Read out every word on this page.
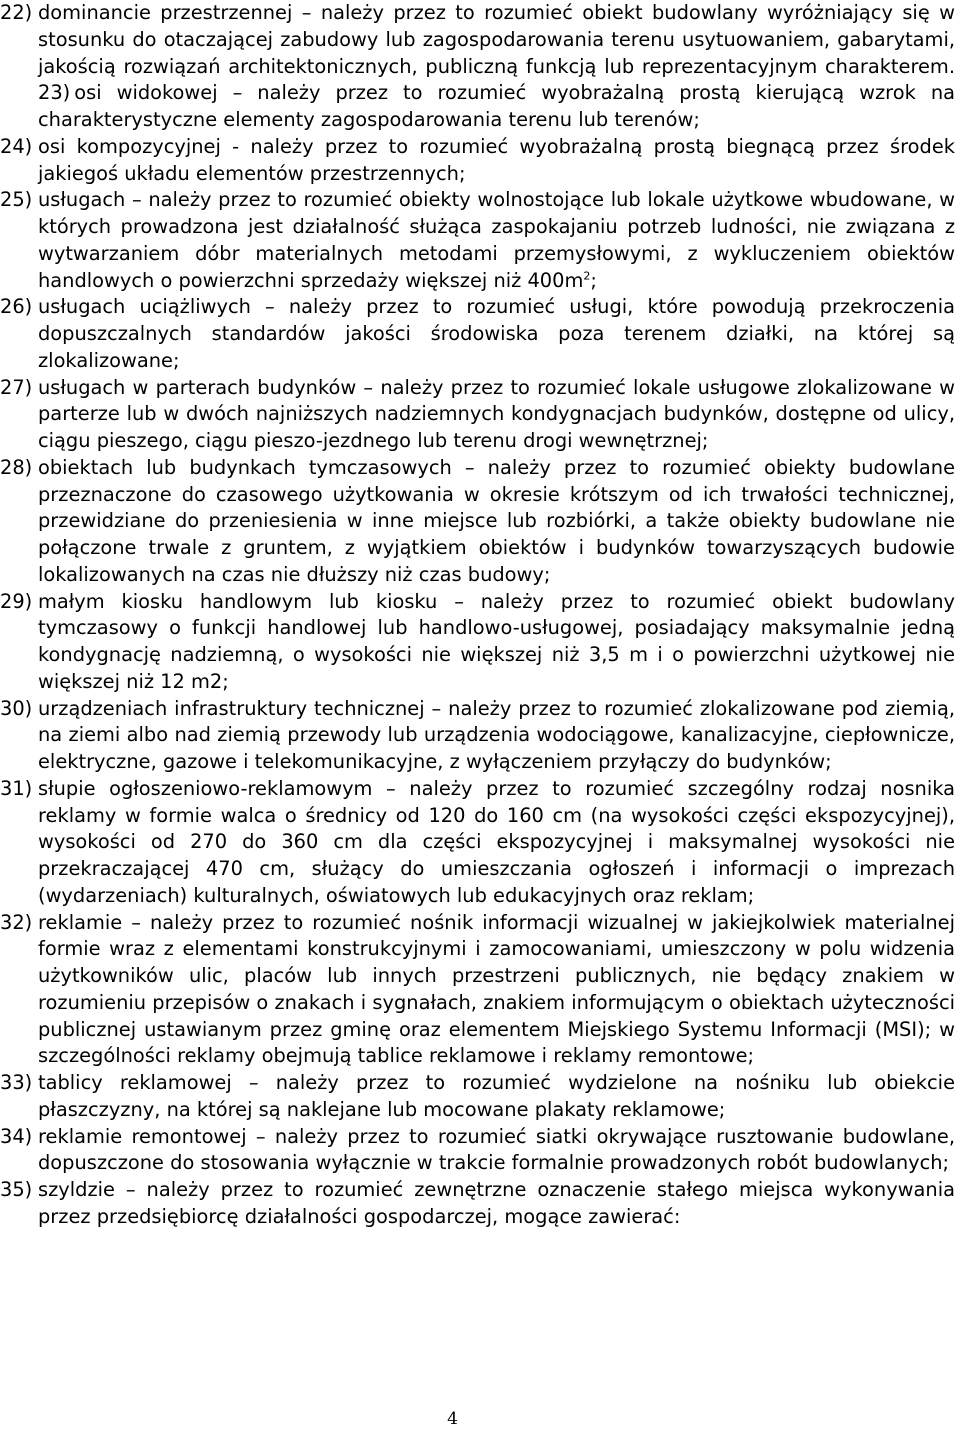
22) dominancie przestrzennej – należy przez to rozumieć obiekt budowlany wyróżniający się w stosunku do otaczającej zabudowy lub zagospodarowania terenu usytuowaniem, gabarytami, jakością rozwiązań architektonicznych, publiczną funkcją lub reprezentacyjnym charakterem. 23) osi widokowej – należy przez to rozumieć wyobrażalną prostą kierującą wzrok na charakterystyczne elementy zagospodarowania terenu lub terenów;
24) osi kompozycyjnej - należy przez to rozumieć wyobrażalną prostą biegnącą przez środek jakiegoś układu elementów przestrzennych;
25) usługach – należy przez to rozumieć obiekty wolnostojące lub lokale użytkowe wbudowane, w których prowadzona jest działalność służąca zaspokajaniu potrzeb ludności, nie związana z wytwarzaniem dóbr materialnych metodami przemysłowymi, z wykluczeniem obiektów handlowych o powierzchni sprzedaży większej niż $400m^2$;
26) usługach uciążliwych – należy przez to rozumieć usługi, które powodują przekroczenia dopuszczalnych standardów jakości środowiska poza terenem działki, na której są zlokalizowane;
27) usługach w parterach budynków – należy przez to rozumieć lokale usługowe zlokalizowane w parterze lub w dwóch najniższych nadziemnych kondygnacjach budynków, dostępne od ulicy, ciągu pieszego, ciągu pieszo-jezdnego lub terenu drogi wewnętrznej;
28) obiektach lub budynkach tymczasowych – należy przez to rozumieć obiekty budowlane przeznaczone do czasowego użytkowania w okresie krótszym od ich trwałości technicznej, przewidziane do przeniesienia w inne miejsce lub rozbiórki, a także obiekty budowlane nie połączone trwale z gruntem, z wyjątkiem obiektów i budynków towarzyszących budowie lokalizowanych na czas nie dłuższy niż czas budowy;
29) małym kiosku handlowym lub kiosku – należy przez to rozumieć obiekt budowlany tymczasowy o funkcji handlowej lub handlowo-usługowej, posiadający maksymalnie jedną kondygnację nadziemną, o wysokości nie większej niż 3,5 m i o powierzchni użytkowej nie większej niż 12 m2;
30) urządzeniach infrastruktury technicznej – należy przez to rozumieć zlokalizowane pod ziemią, na ziemi albo nad ziemią przewody lub urządzenia wodociągowe, kanalizacyjne, ciepłownicze, elektryczne, gazowe i telekomunikacyjne, z wyłączeniem przyłączy do budynków;
31) słupie ogłoszeniowo-reklamowym – należy przez to rozumieć szczególny rodzaj nosnika reklamy w formie walca o średnicy od 120 do 160 cm (na wysokości części ekspozycyjnej), wysokości od 270 do 360 cm dla części ekspozycyjnej i maksymalnej wysokości nie przekraczającej 470 cm, służący do umieszczania ogłoszeń i informacji o imprezach (wydarzeniach) kulturalnych, oświatowych lub edukacyjnych oraz reklam;
32) reklamie – należy przez to rozumieć nośnik informacji wizualnej w jakiejkolwiek materialnej formie wraz z elementami konstrukcyjnymi i zamocowaniami, umieszczony w polu widzenia użytkowników ulic, placów lub innych przestrzeni publicznych, nie będący znakiem w rozumieniu przepisów o znakach i sygnałach, znakiem informującym o obiektach użyteczności publicznej ustawianym przez gminę oraz elementem Miejskiego Systemu Informacji (MSI); w szczególności reklamy obejmują tablice reklamowe i reklamy remontowe;
33) tablicy reklamowej – należy przez to rozumieć wydzielone na nośniku lub obiekcie płaszczyzny, na której są naklejane lub mocowane plakaty reklamowe;
34) reklamie remontowej – należy przez to rozumieć siatki okrywające rusztowanie budowlane, dopuszczone do stosowania wyłącznie w trakcie formalnie prowadzonych robót budowlanych;
35) szyldzie – należy przez to rozumieć zewnętrzne oznaczenie stałego miejsca wykonywania przez przedsiębiorcę działalności gospodarczej, mogące zawierać:
4
